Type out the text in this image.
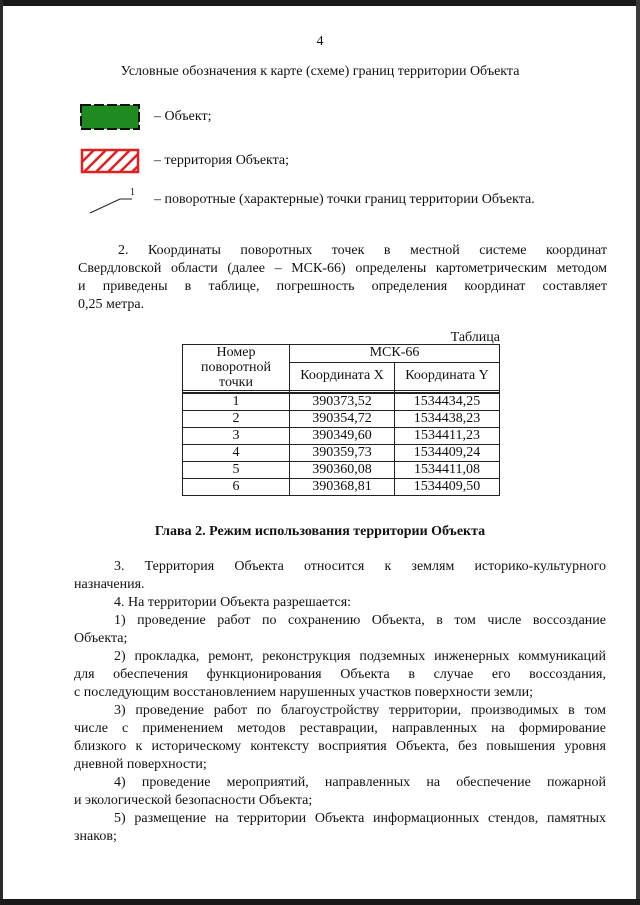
4
Условные обозначения к карте (схеме) границ территории Объекта
– Объект;
– территория Объекта;
1 – поворотные (характерные) точки границ территории Объекта.
2. Координаты поворотных точек в местной системе координат
Свердловской области (далее – МСК-66) определены картометрическим методом
и приведены в таблице, погрешность определения координат составляет
0,25 метра.
Таблица
Номер поворотной точки	МСК-66	
	Координата X	Координата Y

1	390373,52	1534434,25
2	390354,72	1534438,23
3	390349,60	1534411,23
4	390359,73	1534409,24
5	390360,08	1534411,08
6	390368,81	1534409,50
Глава 2. Режим использования территории Объекта
3. Территория Объекта относится к землям историко-культурного
назначения.
4. На территории Объекта разрешается:
1) проведение работ по сохранению Объекта, в том числе воссоздание
Объекта;
2) прокладка, ремонт, реконструкция подземных инженерных коммуникаций
для обеспечения функционирования Объекта в случае его воссоздания,
с последующим восстановлением нарушенных участков поверхности земли;
3) проведение работ по благоустройству территории, производимых в том
числе с применением методов реставрации, направленных на формирование
близкого к историческому контексту восприятия Объекта, без повышения уровня
дневной поверхности;
4) проведение мероприятий, направленных на обеспечение пожарной
и экологической безопасности Объекта;
5) размещение на территории Объекта информационных стендов, памятных
знаков;
